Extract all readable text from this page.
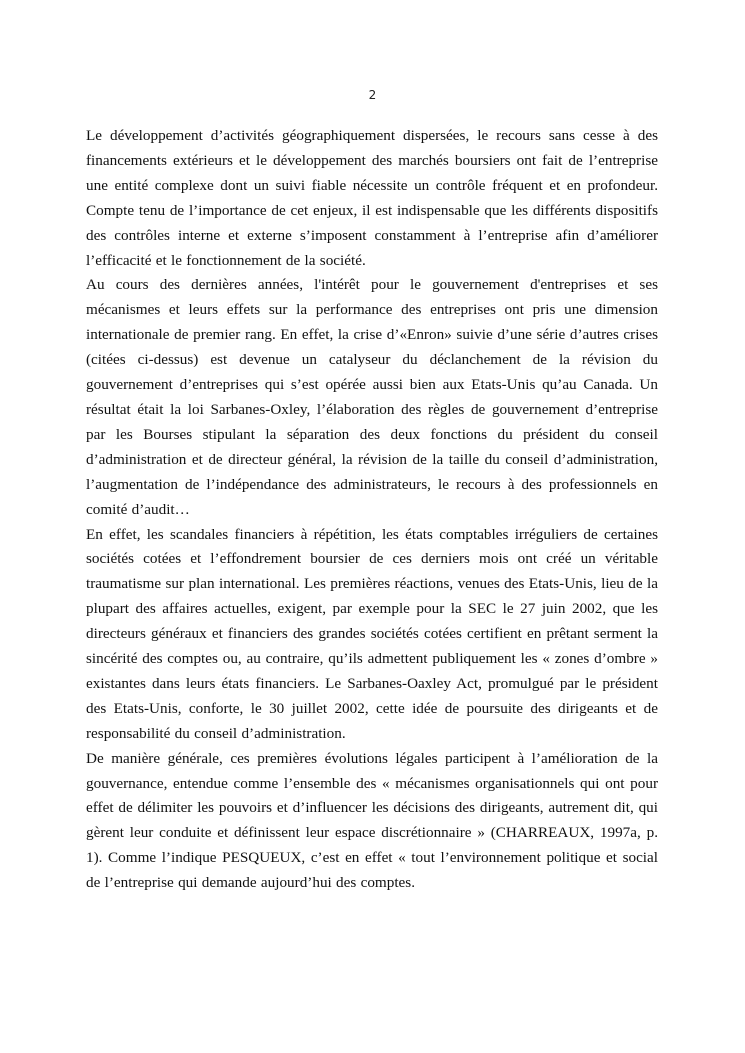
2

Le développement d’activités géographiquement dispersées, le recours sans cesse à des financements extérieurs et le développement des marchés boursiers ont fait de l’entreprise une entité complexe dont un suivi fiable nécessite un contrôle fréquent et en profondeur. Compte tenu de l’importance de cet enjeux, il est indispensable que les différents dispositifs des contrôles interne et externe s’imposent constamment à l’entreprise afin d’améliorer l’efficacité et le fonctionnement de la société.

Au cours des dernières années, l'intérêt pour le gouvernement d'entreprises et ses mécanismes et leurs effets sur la performance des entreprises ont pris une dimension internationale de premier rang. En effet, la crise d’«Enron» suivie d’une série d’autres crises (citées ci-dessus) est devenue un catalyseur du déclanchement de la révision du gouvernement d’entreprises qui s’est opérée aussi bien aux Etats-Unis qu’au Canada. Un résultat était la loi Sarbanes-Oxley, l’élaboration des règles de gouvernement d’entreprise par les Bourses stipulant la séparation des deux fonctions du président du conseil d’administration et de directeur général, la révision de la taille du conseil d’administration, l’augmentation de l’indépendance des administrateurs, le recours à des professionnels en comité d’audit…

En effet, les scandales financiers à répétition, les états comptables irréguliers de certaines sociétés cotées et l’effondrement boursier de ces derniers mois ont créé un véritable traumatisme sur plan international. Les premières réactions, venues des Etats-Unis, lieu de la plupart des affaires actuelles, exigent, par exemple pour la SEC le 27 juin 2002, que les directeurs généraux et financiers des grandes sociétés cotées certifient en prêtant serment la sincérité des comptes ou, au contraire, qu’ils admettent publiquement les « zones d’ombre » existantes dans leurs états financiers. Le Sarbanes-Oaxley Act, promulgué par le président des Etats-Unis, conforte, le 30 juillet 2002, cette idée de poursuite des dirigeants et de responsabilité du conseil d’administration.

De manière générale, ces premières évolutions légales participent à l’amélioration de la gouvernance, entendue comme l’ensemble des « mécanismes organisationnels qui ont pour effet de délimiter les pouvoirs et d’influencer les décisions des dirigeants, autrement dit, qui gèrent leur conduite et définissent leur espace discrétionnaire » (CHARREAUX, 1997a, p. 1). Comme l’indique PESQUEUX, c’est en effet « tout l’environnement politique et social de l’entreprise qui demande aujourd’hui des comptes.
